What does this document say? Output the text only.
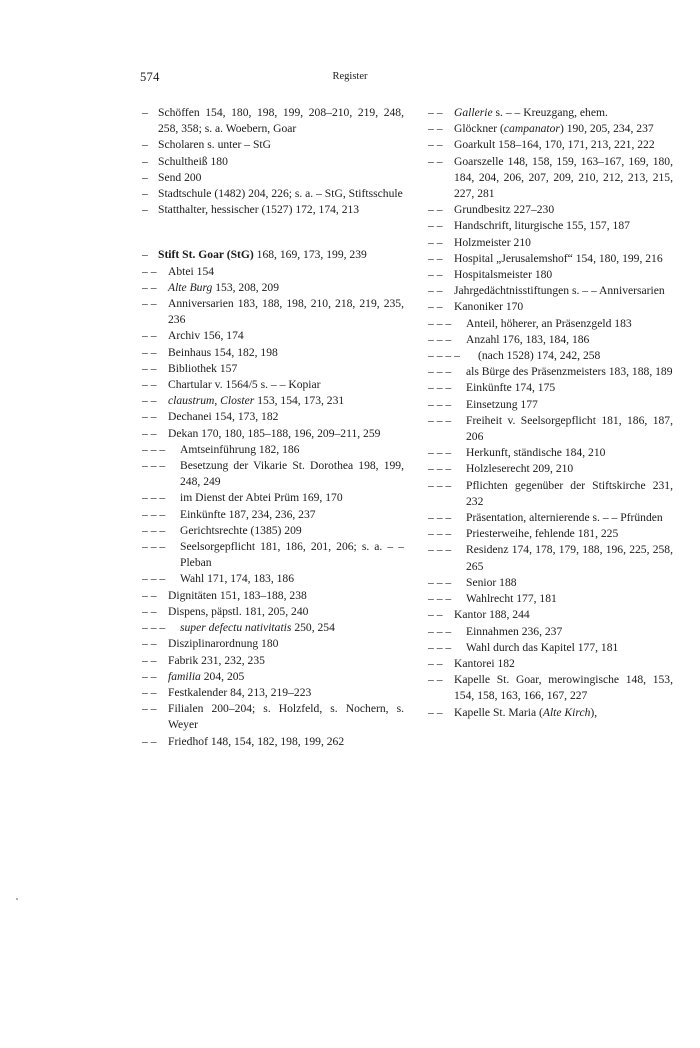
574	Register
– Schöffen 154, 180, 198, 199, 208–210, 219, 248, 258, 358; s. a. Woebern, Goar
– Scholaren s. unter – StG
– Schultheiß 180
– Send 200
– Stadtschule (1482) 204, 226; s. a. – StG, Stiftsschule
– Statthalter, hessischer (1527) 172, 174, 213
– Stift St. Goar (StG) 168, 169, 173, 199, 239
– – Abtei 154
– – Alte Burg 153, 208, 209
– – Anniversarien 183, 188, 198, 210, 218, 219, 235, 236
– – Archiv 156, 174
– – Beinhaus 154, 182, 198
– – Bibliothek 157
– – Chartular v. 1564/5 s. – – Kopiar
– – claustrum, Closter 153, 154, 173, 231
– – Dechanei 154, 173, 182
– – Dekan 170, 180, 185–188, 196, 209–211, 259
– – –	Amtseinführung 182, 186
– – –	Besetzung der Vikarie St. Dorothea 198, 199, 248, 249
– – –	im Dienst der Abtei Prüm 169, 170
– – –	Einkünfte 187, 234, 236, 237
– – –	Gerichtsrechte (1385) 209
– – –	Seelsorgepflicht 181, 186, 201, 206; s. a. – – Pleban
– – –	Wahl 171, 174, 183, 186
– – Dignitäten 151, 183–188, 238
– – Dispens, päpstl. 181, 205, 240
– – –	super defectu nativitatis 250, 254
– – Disziplinarordnung 180
– – Fabrik 231, 232, 235
– – familia 204, 205
– – Festkalender 84, 213, 219–223
– – Filialen 200–204; s. Holzfeld, s. Nochern, s. Weyer
– – Friedhof 148, 154, 182, 198, 199, 262
– – Gallerie s. – – Kreuzgang, ehem.
– – Glöckner (campanator) 190, 205, 234, 237
– – Goarkult 158–164, 170, 171, 213, 221, 222
– – Goarszelle 148, 158, 159, 163–167, 169, 180, 184, 204, 206, 207, 209, 210, 212, 213, 215, 227, 281
– – Grundbesitz 227–230
– – Handschrift, liturgische 155, 157, 187
– – Holzmeister 210
– – Hospital „Jerusalemshof“ 154, 180, 199, 216
– – Hospitalsmeister 180
– – Jahrgedächtnisstiftungen s. – – Anniversarien
– – Kanoniker 170
– – –	Anteil, höherer, an Präsenzgeld 183
– – –	Anzahl 176, 183, 184, 186
– – – –	(nach 1528) 174, 242, 258
– – –	als Bürge des Präsenzmeisters 183, 188, 189
– – –	Einkünfte 174, 175
– – –	Einsetzung 177
– – –	Freiheit v. Seelsorgepflicht 181, 186, 187, 206
– – –	Herkunft, ständische 184, 210
– – –	Holzleserecht 209, 210
– – –	Pflichten gegenüber der Stiftskirche 231, 232
– – –	Präsentation, alternierende s. – – Pfründen
– – –	Priesterweihe, fehlende 181, 225
– – –	Residenz 174, 178, 179, 188, 196, 225, 258, 265
– – –	Senior 188
– – –	Wahlrecht 177, 181
– – Kantor 188, 244
– – –	Einnahmen 236, 237
– – –	Wahl durch das Kapitel 177, 181
– – Kantorei 182
– – Kapelle St. Goar, merowingische 148, 153, 154, 158, 163, 166, 167, 227
– – Kapelle St. Maria (Alte Kirch),
